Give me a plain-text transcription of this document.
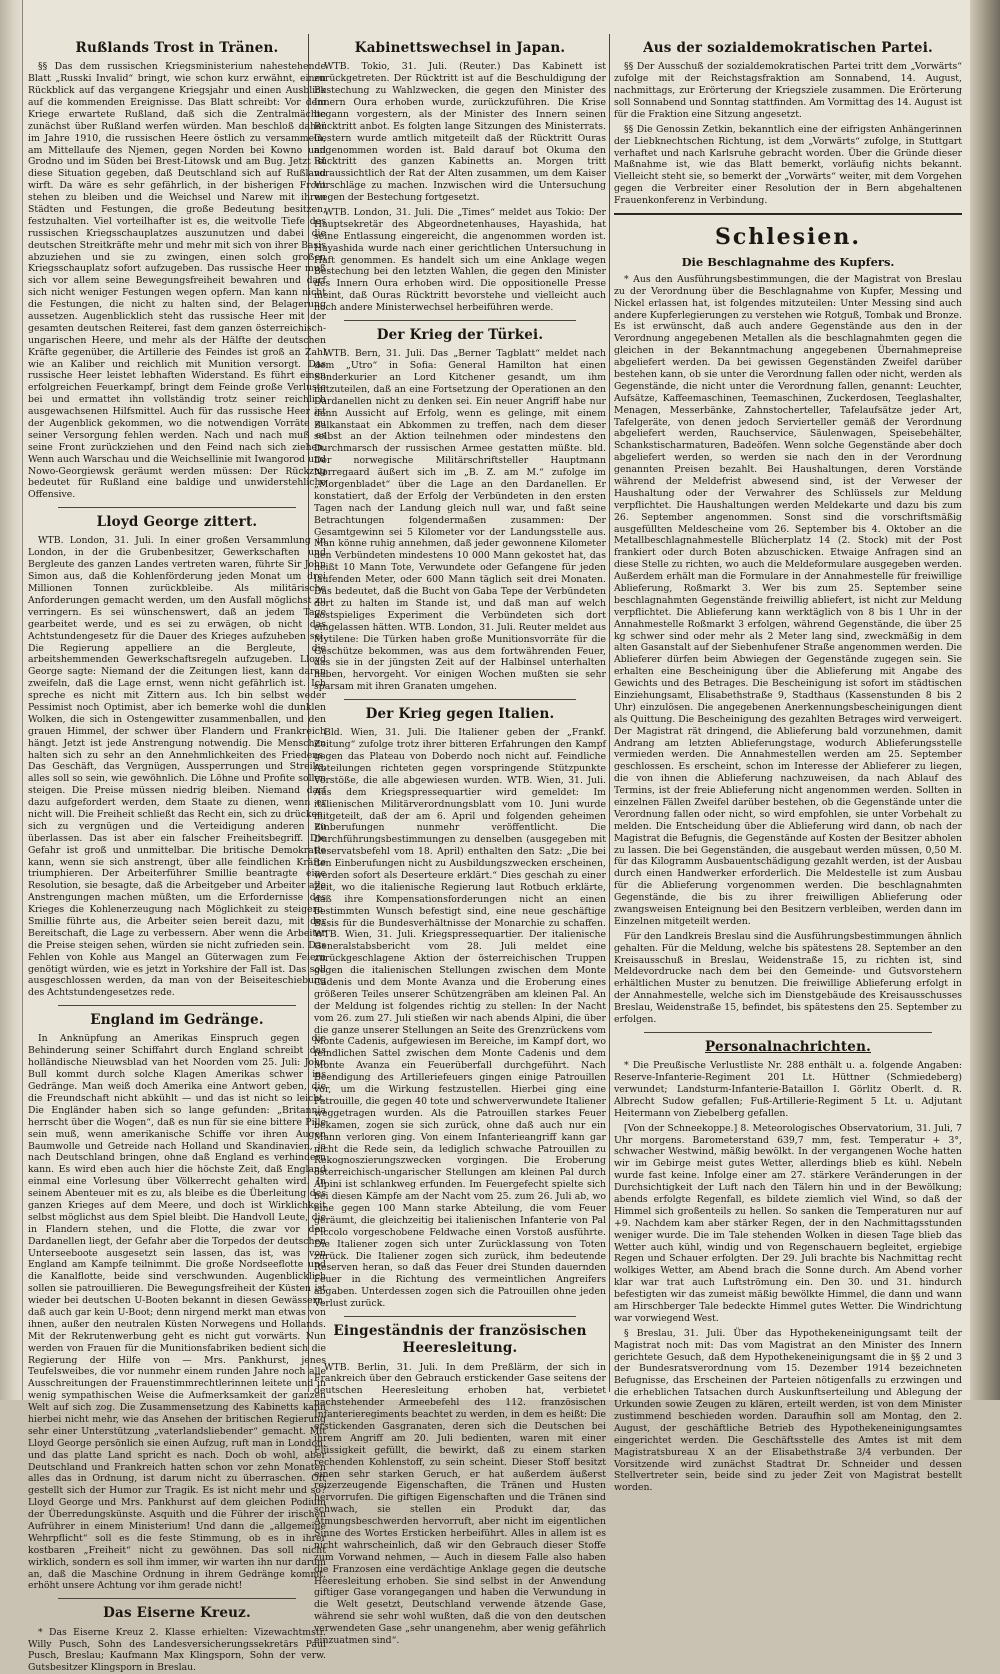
Rußlands Trost in Tränen.

§§ Das dem russischen Kriegsministerium nahestehende Blatt „Russki Invalid“ bringt, wie schon kurz erwähnt, einen Rückblick auf das vergangene Kriegsjahr und einen Ausblick auf die kommenden Ereignisse. Das Blatt schreibt: Vor dem Kriege erwartete Rußland, daß sich die Zentralmächte zunächst über Rußland werfen würden. Man beschloß daher im Jahre 1910, die russischen Heere östlich zu versammeln, am Mittellaufe des Njemen, gegen Norden bei Kowno und Grodno und im Süden bei Brest-Litowsk und am Bug. Jetzt ist diese Situation gegeben, daß Deutschland sich auf Rußland wirft. Da wäre es sehr gefährlich, in der bisherigen Front stehen zu bleiben und die Weichsel und Narew mit ihren Städten und Festungen, die große Bedeutung besitzen, festzuhalten. Viel vorteilhafter ist es, die weitvolle Tiefe des russischen Kriegsschauplatzes auszunutzen und dabei die deutschen Streitkräfte mehr und mehr mit sich von ihrer Basis abzuziehen und sie zu zwingen, einen solch großen Kriegsschauplatz sofort aufzugeben. Das russische Heer muß sich vor allem seine Bewegungsfreiheit bewahren und darf sich nicht weniger Festungen wegen opfern. Man kann nicht die Festungen, die nicht zu halten sind, der Belagerung aussetzen. Augenblicklich steht das russische Heer mit der gesamten deutschen Reiterei, fast dem ganzen österreichisch-ungarischen Heere, und mehr als der Hälfte der deutschen Kräfte gegenüber, die Artillerie des Feindes ist groß an Zahl wie an Kaliber und reichlich mit Munition versorgt. Das russische Heer leistet lebhaften Widerstand. Es führt einen erfolgreichen Feuerkampf, bringt dem Feinde große Verluste bei und ermattet ihn vollständig trotz seiner reichlich ausgewachsenen Hilfsmittel. Auch für das russische Heer ist der Augenblick gekommen, wo die notwendigen Vorräte zu seiner Versorgung fehlen werden. Nach und nach muß es seine Front zurückziehen und den Feind nach sich ziehen. Wenn auch Warschau und die Weichsellinie mit Iwangorod und Nowo-Georgiewsk geräumt werden müssen: Der Rückzug bedeutet für Rußland eine baldige und unwiderstehliche Offensive.

Lloyd George zittert.

WTB. London, 31. Juli. In einer großen Versammlung in London, in der die Grubenbesitzer, Gewerkschaften und Bergleute des ganzen Landes vertreten waren, führte Sir John Simon aus, daß die Kohlenförderung jeden Monat um drei Millionen Tonnen zurückbleibe. Als militärische Anforderungen gemacht werden, um den Ausfall möglichst zu verringern. Es sei wünschenswert, daß an jedem Tage gearbeitet werde, und es sei zu erwägen, ob nicht das Achtstundengesetz für die Dauer des Krieges aufzuheben sei. Die Regierung appelliere an die Bergleute, die arbeitshemmenden Gewerkschaftsregeln aufzugeben. Lloyd George sagte: Niemand der die Zeitungen liest, kann daran zweifeln, daß die Lage ernst, wenn nicht gefährlich ist. Ich spreche es nicht mit Zittern aus. Ich bin selbst weder Pessimist noch Optimist, aber ich bemerke wohl die dunklen Wolken, die sich in Ostengewitter zusammenballen, und den grauen Himmel, der schwer über Flandern und Frankreich hängt. Jetzt ist jede Anstrengung notwendig. Die Menschen halten sich zu sehr an den Annehmlichkeiten des Friedens. Das Geschäft, das Vergnügen, Aussperrungen und Streiks, alles soll so sein, wie gewöhnlich. Die Löhne und Profite sollen steigen. Die Preise müssen niedrig bleiben. Niemand darf dazu aufgefordert werden, dem Staate zu dienen, wenn er nicht will. Die Freiheit schließt das Recht ein, sich zu drücken, sich zu vergnügen und die Verteidigung anderen zu überlassen. Das ist aber ein falscher Freiheitsbegriff. Die Gefahr ist groß und unmittelbar. Die britische Demokratie kann, wenn sie sich anstrengt, über alle feindlichen Kräfte triumphieren. Der Arbeiterführer Smillie beantragte eine Resolution, sie besagte, daß die Arbeitgeber und Arbeiter alle Anstrengungen machen müßten, um die Erfordernisse des Krieges die Kohlenerzeugung nach Möglichkeit zu steigern. Smillie führte aus, die Arbeiter seien bereit dazu, mit der Bereitschaft, die Lage zu verbessern. Aber wenn die Arbeiter die Preise steigen sehen, würden sie nicht zufrieden sein. Das Fehlen von Kohle aus Mangel an Güterwagen zum Feiern genötigt würden, wie es jetzt in Yorkshire der Fall ist. Das soll ausgeschlossen werden, da man von der Beiseiteschiebung des Achtstundengesetzes rede.

England im Gedränge.

In Anknüpfung an Amerikas Einspruch gegen die Behinderung seiner Schiffahrt durch England schreibt das holländische Nieuwsblad van het Noorden vom 25. Juli: John Bull kommt durch solche Klagen Amerikas schwer ins Gedränge. Man weiß doch Amerika eine Antwort geben, die die Freundschaft nicht abkühlt — und das ist nicht so leicht. Die Engländer haben sich so lange gefunden: „Britannia herrscht über die Wogen“, daß es nun für sie eine bittere Pille sein muß, wenn amerikanische Schiffe vor ihren Augen Baumwolle und Getreide nach Holland und Skandinavien, ja nach Deutschland bringen, ohne daß England es verhindern kann. Es wird eben auch hier die höchste Zeit, daß England einmal eine Vorlesung über Völkerrecht gehalten wird. In seinem Abenteuer mit es zu, als bleibe es die Überleitung des ganzen Krieges auf dem Meere, und doch ist Wirklichkeit selbst möglichst aus dem Spiel bleibt. Die Handvoll Leute, die in Flandern stehen, und die Flotte, die zwar vor den Dardanellen liegt, der Gefahr aber die Torpedos der deutschen Unterseeboote ausgesetzt sein lassen, das ist, was von England am Kampfe teilnimmt. Die große Nordseeflotte und die Kanalflotte, beide sind verschwunden. Augenblicklich sollen sie patrouillieren. Die Bewegungsfreiheit der Küsten ist wieder bei deutschen U-Booten bekannt in diesen Gewässern, daß auch gar kein U-Boot; denn nirgend merkt man etwas von ihnen, außer den neutralen Küsten Norwegens und Hollands. Mit der Rekrutenwerbung geht es nicht gut vorwärts. Nun werden von Frauen für die Munitionsfabriken bedient sich die Regierung der Hilfe von — Mrs. Pankhurst, jenes Teufelsweibes, die vor nunmehr einem runden Jahre noch alle Ausschreitungen der Frauenstimmrechtlerinnen leitete und in wenig sympathischen Weise die Aufmerksamkeit der ganzen Welt auf sich zog. Die Zusammensetzung des Kabinetts kann hierbei nicht mehr, wie das Ansehen der britischen Regierung sehr einer Unterstützung „vaterlandsliebender“ gemacht. Mit Lloyd George persönlich sie einen Aufzug, ruft man in London, und das platte Land spricht es nach. Doch ob wohl, aber Deutschland und Frankreich hatten schon vor zehn Monaten alles das in Ordnung, ist darum nicht zu überraschen. Oft gestellt sich der Humor zur Tragik. Es ist nicht mehr und so? Lloyd George und Mrs. Pankhurst auf dem gleichen Podium der Überredungskünste. Asquith und die Führer der irischen Aufrührer in einem Ministerium! Und dann die „allgemeine Wehrpflicht“ soll es die feste Stimmung, ob es in ihrer kostbaren „Freiheit“ nicht zu gewöhnen. Das soll nicht wirklich, sondern es soll ihm immer, wir warten ihn nur darum an, daß die Maschine Ordnung in ihrem Gedränge kommt, erhöht unsere Achtung vor ihm gerade nicht!

Das Eiserne Kreuz.

* Das Eiserne Kreuz 2. Klasse erhielten: Vizewachtmstr. Willy Pusch, Sohn des Landesversicherungssekretärs Paul Pusch, Breslau; Kaufmann Max Klingsporn, Sohn der verw. Gutsbesitzer Klingsporn in Breslau.

Kabinettswechsel in Japan.

WTB. Tokio, 31. Juli. (Reuter.) Das Kabinett ist zurückgetreten. Der Rücktritt ist auf die Beschuldigung der Bestechung zu Wahlzwecken, die gegen den Minister des Innern Oura erhoben wurde, zurückzuführen. Die Krise begann vorgestern, als der Minister des Innern seinen Rücktritt anbot. Es folgten lange Sitzungen des Ministerrats. Gestern wurde amtlich mitgeteilt daß der Rücktritt Ouras angenommen worden ist. Bald darauf bot Okuma den Rücktritt des ganzen Kabinetts an. Morgen tritt voraussichtlich der Rat der Alten zusammen, um dem Kaiser Vorschläge zu machen. Inzwischen wird die Untersuchung wegen der Bestechung fortgesetzt.

WTB. London, 31. Juli. Die „Times“ meldet aus Tokio: Der Hauptsekretär des Abgeordnetenhauses, Hayashida, hat seine Entlassung eingereicht, die angenommen worden ist. Hayashida wurde nach einer gerichtlichen Untersuchung in Haft genommen. Es handelt sich um eine Anklage wegen Bestechung bei den letzten Wahlen, die gegen den Minister des Innern Oura erhoben wird. Die oppositionelle Presse meint, daß Ouras Rücktritt bevorstehe und vielleicht auch noch andere Ministerwechsel herbeiführen werde.

Der Krieg der Türkei.

WTB. Bern, 31. Juli. Das „Berner Tagblatt“ meldet nach dem „Utro“ in Sofia: General Hamilton hat einen Sonderkurier an Lord Kitchener gesandt, um ihm mitzuteilen, daß an eine Fortsetzung der Operationen an den Dardanellen nicht zu denken sei. Ein neuer Angriff habe nur dann Aussicht auf Erfolg, wenn es gelinge, mit einem Balkanstaat ein Abkommen zu treffen, nach dem dieser selbst an der Aktion teilnehmen oder mindestens den Durchmarsch der russischen Armee gestatten müßte. bld. Der norwegische Militärschriftsteller Hauptmann Nørregaard äußert sich im „B. Z. am M.“ zufolge im „Morgenbladet“ über die Lage an den Dardanellen. Er konstatiert, daß der Erfolg der Verbündeten in den ersten Tagen nach der Landung gleich null war, und faßt seine Betrachtungen folgendermaßen zusammen: Der Gesamtgewinn sei 5 Kilometer vor der Landungsstelle aus. Man könne ruhig annehmen, daß jeder gewonnene Kilometer den Verbündeten mindestens 10 000 Mann gekostet hat, das heißt 10 Mann Tote, Verwundete oder Gefangene für jeden laufenden Meter, oder 600 Mann täglich seit drei Monaten. Das bedeutet, daß die Bucht von Gaba Tepe der Verbündeten dort zu halten im Stande ist, und daß man auf welch kostspieliges Experiment die Verbündeten sich dort eingelassen hätten. WTB. London, 31. Juli. Reuter meldet aus Mytilene: Die Türken haben große Munitionsvorräte für die Geschütze bekommen, was aus dem fortwährenden Feuer, das sie in der jüngsten Zeit auf der Halbinsel unterhalten haben, hervorgeht. Vor einigen Wochen mußten sie sehr sparsam mit ihren Granaten umgehen.

Der Krieg gegen Italien.

Bld. Wien, 31. Juli. Die Italiener geben der „Frankf. Zeitung“ zufolge trotz ihrer bitteren Erfahrungen den Kampf gegen das Plateau von Doberdo noch nicht auf. Feindliche Abteilungen richteten gegen vorspringende Stützpunkte Vorstöße, die alle abgewiesen wurden. WTB. Wien, 31. Juli. Aus dem Kriegspressequartier wird gemeldet: Im italienischen Militärverordnungsblatt vom 10. Juni wurde mitgeteilt, daß der am 6. April und folgenden geheimen Einberufungen nunmehr veröffentlicht. Die Durchführungsbestimmungen zu denselben (ausgegeben mit Reservatsbefehl vom 18. April) enthalten den Satz: „Die bei den Einberufungen nicht zu Ausbildungszwecken erscheinen, werden sofort als Deserteure erklärt.“ Dies geschah zu einer Zeit, wo die italienische Regierung laut Rotbuch erklärte, daß ihre Kompensationsforderungen nicht an einen bestimmten Wunsch befestigt sind, eine neue geschäftige Basis für die Bundesverhältnisse der Monarchie zu schaffen. WTB. Wien, 31. Juli. Kriegspressequartier. Der italienische Generalstabsbericht vom 28. Juli meldet eine zurückgeschlagene Aktion der österreichischen Truppen gegen die italienischen Stellungen zwischen dem Monte Cadenis und dem Monte Avanza und die Eroberung eines größeren Teiles unserer Schützengräben am kleinen Pal. An der Meldung ist folgendes richtig zu stellen: In der Nacht vom 26. zum 27. Juli stießen wir nach abends Alpini, die über die ganze unserer Stellungen an Seite des Grenzrückens vom Monte Cadenis, aufgewiesen im Bereiche, im Kampf dort, wo feindlichen Sattel zwischen dem Monte Cadenis und dem Monte Avanza ein Feuerüberfall durchgeführt. Nach Beendigung des Artilleriefeuers gingen einige Patrouillen vor, um die Wirkung festzustellen. Hierbei ging eine Patrouille, die gegen 40 tote und schwerverwundete Italiener weggetragen wurden. Als die Patrouillen starkes Feuer bekamen, zogen sie sich zurück, ohne daß auch nur ein Mann verloren ging. Von einem Infanterieangriff kann gar nicht die Rede sein, da lediglich schwache Patrouillen zu Rekognoszierungszwecken vorgingen. Die Eroberung österreichisch-ungarischer Stellungen am kleinen Pal durch Alpini ist schlankweg erfunden. Im Feuergefecht spielte sich bei diesen Kämpfe am der Nacht vom 25. zum 26. Juli ab, wo eine gegen 100 Mann starke Abteilung, die vom Feuer geräumt, die gleichzeitig bei italienischen Infanterie von Pal Piccolo vorgeschobene Feldwache einen Vorstoß ausführte. Die Italiener zogen sich unter Zurücklassung von Toten zurück. Die Italiener zogen sich zurück, ihm bedeutende Reserven heran, so daß das Feuer drei Stunden dauernden Feuer in die Richtung des vermeintlichen Angreifers abgaben. Unterdessen zogen sich die Patrouillen ohne jeden Verlust zurück.

Eingeständnis der französischen Heeresleitung.

WTB. Berlin, 31. Juli. In dem Preßlärm, der sich in Frankreich über den Gebrauch erstickender Gase seitens der deutschen Heeresleitung erhoben hat, verbietet nachstehender Armeebefehl des 112. französischen Infanterieregiments beachtet zu werden, in dem es heißt: Die erstickenden Gasgranaten, deren sich die Deutschen bei ihrem Angriff am 20. Juli bedienten, waren mit einer Flüssigkeit gefüllt, die bewirkt, daß zu einem starken rechenden Kohlenstoff, zu sein scheint. Dieser Stoff besitzt einen sehr starken Geruch, er hat außerdem äußerst reizerzeugende Eigenschaften, die Tränen und Husten hervorrufen. Die giftigen Eigenschaften und die Tränen sind schwach, sie stellen ein Produkt dar, das Atmungsbeschwerden hervorruft, aber nicht im eigentlichen Sinne des Wortes Ersticken herbeiführt. Alles in allem ist es nicht wahrscheinlich, daß wir den Gebrauch dieser Stoffe zum Vorwand nehmen, — Auch in diesem Falle also haben die Franzosen eine verdächtige Anklage gegen die deutsche Heeresleitung erhoben. Sie sind selbst in der Anwendung giftiger Gase vorangegangen und haben die Verwundung in die Welt gesetzt, Deutschland verwende ätzende Gase, während sie sehr wohl wußten, daß die von den deutschen verwendeten Gase „sehr unangenehm, aber wenig gefährlich einzuatmen sind“.

Aus der sozialdemokratischen Partei.

§§ Der Ausschuß der sozialdemokratischen Partei tritt dem „Vorwärts“ zufolge mit der Reichstagsfraktion am Sonnabend, 14. August, nachmittags, zur Erörterung der Kriegsziele zusammen. Die Erörterung soll Sonnabend und Sonntag stattfinden. Am Vormittag des 14. August ist für die Fraktion eine Sitzung angesetzt.

§§ Die Genossin Zetkin, bekanntlich eine der eifrigsten Anhängerinnen der Liebknechtschen Richtung, ist dem „Vorwärts“ zufolge, in Stuttgart verhaftet und nach Karlsruhe gebracht worden. Über die Gründe dieser Maßnahme ist, wie das Blatt bemerkt, vorläufig nichts bekannt. Vielleicht steht sie, so bemerkt der „Vorwärts“ weiter, mit dem Vorgehen gegen die Verbreiter einer Resolution der in Bern abgehaltenen Frauenkonferenz in Verbindung.

Schlesien.
Die Beschlagnahme des Kupfers.

* Aus den Ausführungsbestimmungen, die der Magistrat von Breslau zu der Verordnung über die Beschlagnahme von Kupfer, Messing und Nickel erlassen hat, ist folgendes mitzuteilen: Unter Messing sind auch andere Kupferlegierungen zu verstehen wie Rotguß, Tombak und Bronze. Es ist erwünscht, daß auch andere Gegenstände aus den in der Verordnung angegebenen Metallen als die beschlagnahmten gegen die gleichen in der Bekanntmachung angegebenen Übernahmepreise abgeliefert werden. Da bei gewissen Gegenständen Zweifel darüber bestehen kann, ob sie unter die Verordnung fallen oder nicht, werden als Gegenstände, die nicht unter die Verordnung fallen, genannt: Leuchter, Aufsätze, Kaffeemaschinen, Teemaschinen, Zuckerdosen, Teeglashalter, Menagen, Messerbänke, Zahnstocherteller, Tafelaufsätze jeder Art, Tafelgeräte, von denen jedoch Servierteller gemäß der Verordnung abgeliefert werden, Rauchservice, Säulenwagen, Speisebehälter, Schankstischarmaturen, Badeöfen. Wenn solche Gegenstände aber doch abgeliefert werden, so werden sie nach den in der Verordnung genannten Preisen bezahlt. Bei Haushaltungen, deren Vorstände während der Meldefrist abwesend sind, ist der Verweser der Haushaltung oder der Verwahrer des Schlüssels zur Meldung verpflichtet. Die Haushaltungen werden Meldekarte und dazu bis zum 26. September angenommen. Sonst sind die vorschriftsmäßig ausgefüllten Meldescheine vom 26. September bis 4. Oktober an die Metallbeschlagnahmestelle Blücherplatz 14 (2. Stock) mit der Post frankiert oder durch Boten abzuschicken. Etwaige Anfragen sind an diese Stelle zu richten, wo auch die Meldeformulare ausgegeben werden. Außerdem erhält man die Formulare in der Annahmestelle für freiwillige Ablieferung, Roßmarkt 3. Wer bis zum 25. September seine beschlagnahmten Gegenstände freiwillig abliefert, ist nicht zur Meldung verpflichtet. Die Ablieferung kann werktäglich von 8 bis 1 Uhr in der Annahmestelle Roßmarkt 3 erfolgen, während Gegenstände, die über 25 kg schwer sind oder mehr als 2 Meter lang sind, zweckmäßig in dem alten Gasanstalt auf der Siebenhufener Straße angenommen werden. Die Ablieferer dürfen beim Abwiegen der Gegenstände zugegen sein. Sie erhalten eine Bescheinigung über die Ablieferung mit Angabe des Gewichts und des Betrages. Die Bescheinigung ist sofort im städtischen Einziehungsamt, Elisabethstraße 9, Stadthaus (Kassenstunden 8 bis 2 Uhr) einzulösen. Die angegebenen Anerkennungsbescheinigungen dient als Quittung. Die Bescheinigung des gezahlten Betrages wird verweigert. Der Magistrat rät dringend, die Ablieferung bald vorzunehmen, damit Andrang am letzten Ablieferungstage, wodurch Ablieferungsstelle vermieden werden. Die Annahmestellen werden am 25. September geschlossen. Es erscheint, schon im Interesse der Ablieferer zu liegen, die von ihnen die Ablieferung nachzuweisen, da nach Ablauf des Termins, ist der freie Ablieferung nicht angenommen werden. Sollten in einzelnen Fällen Zweifel darüber bestehen, ob die Gegenstände unter die Verordnung fallen oder nicht, so wird empfohlen, sie unter Vorbehalt zu melden. Die Entscheidung über die Ablieferung wird dann, ob nach der Magistrat die Befugnis, die Gegenstände auf Kosten der Besitzer abholen zu lassen. Die bei Gegenständen, die ausgebaut werden müssen, 0,50 M. für das Kilogramm Ausbauentschädigung gezahlt werden, ist der Ausbau durch einen Handwerker erforderlich. Die Meldestelle ist zum Ausbau für die Ablieferung vorgenommen werden. Die beschlagnahmten Gegenstände, die bis zu ihrer freiwilligen Ablieferung oder zwangsweisen Enteignung bei den Besitzern verbleiben, werden dann im Einzelnen mitgeteilt werden.

Für den Landkreis Breslau sind die Ausführungsbestimmungen ähnlich gehalten. Für die Meldung, welche bis spätestens 28. September an den Kreisausschuß in Breslau, Weidenstraße 15, zu richten ist, sind Meldevordrucke nach dem bei den Gemeinde- und Gutsvorstehern erhältlichen Muster zu benutzen. Die freiwillige Ablieferung erfolgt in der Annahmestelle, welche sich im Dienstgebäude des Kreisausschusses Breslau, Weidenstraße 15, befindet, bis spätestens den 25. September zu erfolgen.

Personalnachrichten.

* Die Preußische Verlustliste Nr. 288 enthält u. a. folgende Angaben: Reserve-Infanterie-Regiment 201 Lt. Hüttner (Schmiedeberg) verwundet; Landsturm-Infanterie-Bataillon I. Görlitz Oberlt. d. R. Albrecht Sudow gefallen; Fuß-Artillerie-Regiment 5 Lt. u. Adjutant Heitermann von Ziebelberg gefallen.

[Von der Schneekoppe.] 8. Meteorologisches Observatorium, 31. Juli, 7 Uhr morgens. Barometerstand 639,7 mm, fest. Temperatur + 3°, schwacher Westwind, mäßig bewölkt. In der vergangenen Woche hatten wir im Gebirge meist gutes Wetter, allerdings blieb es kühl. Nebeln wurde fast keine. Infolge einer am 27. stärkere Veränderungen in der Durchsichtigkeit der Luft nach den Tälern hin und in der Bewölkung; abends erfolgte Regenfall, es bildete ziemlich viel Wind, so daß der Himmel sich großenteils zu hellen. So sanken die Temperaturen nur auf +9. Nachdem kam aber stärker Regen, der in den Nachmittagsstunden weniger wurde. Die im Tale stehenden Wolken in diesen Tage blieb das Wetter auch kühl, windig und von Regenschauern begleitet, ergiebige Regen und Schauer erfolgten. Der 29. Juli brachte bis Nachmittag recht wolkiges Wetter, am Abend brach die Sonne durch. Am Abend vorher klar war trat auch Luftströmung ein. Den 30. und 31. hindurch befestigten wir das zumeist mäßig bewölkte Himmel, die dann und wann am Hirschberger Tale bedeckte Himmel gutes Wetter. Die Windrichtung war vorwiegend West.

§ Breslau, 31. Juli. Über das Hypothekeneinigungsamt teilt der Magistrat noch mit: Das vom Magistrat an den Minister des Innern gerichtete Gesuch, daß dem Hypothekeneinigungsamt die in §§ 2 und 3 der Bundesratsverordnung vom 15. Dezember 1914 bezeichneten Befugnisse, das Erscheinen der Parteien nötigenfalls zu erzwingen und die erheblichen Tatsachen durch Auskunftserteilung und Ablegung der Urkunden sowie Zeugen zu klären, erteilt werden, ist von dem Minister zustimmend beschieden worden. Daraufhin soll am Montag, den 2. August, der geschäftliche Betrieb des Hypothekeneinigungsamtes eingerichtet werden. Die Geschäftsstelle des Amtes ist mit dem Magistratsbureau X an der Elisabethstraße 3/4 verbunden. Der Vorsitzende wird zunächst Stadtrat Dr. Schneider und dessen Stellvertreter sein, beide sind zu jeder Zeit von Magistrat bestellt worden.
